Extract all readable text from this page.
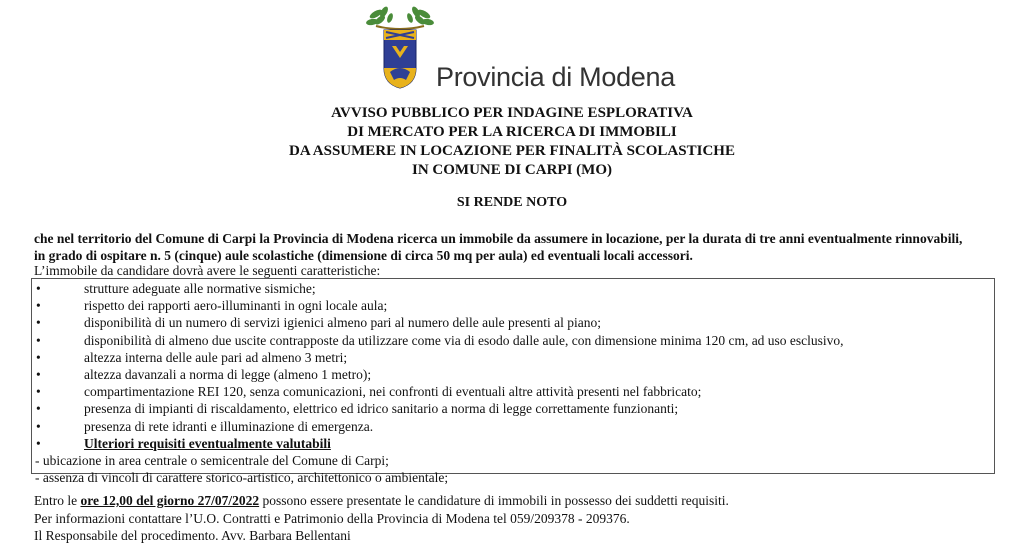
Provincia di Modena
AVVISO PUBBLICO PER INDAGINE ESPLORATIVA
DI MERCATO PER LA RICERCA DI IMMOBILI
DA ASSUMERE IN LOCAZIONE PER FINALITÀ SCOLASTICHE
IN COMUNE DI CARPI (MO)
SI RENDE NOTO
che nel territorio del Comune di Carpi la Provincia di Modena ricerca un immobile da assumere in locazione, per la durata di tre anni eventualmente rinnovabili,
in grado di ospitare n. 5 (cinque) aule scolastiche (dimensione di circa 50 mq per aula) ed eventuali locali accessori.
L’immobile da candidare dovrà avere le seguenti caratteristiche:
•	strutture adeguate alle normative sismiche;
•	rispetto dei rapporti aero-illuminanti in ogni locale aula;
•	disponibilità di un numero di servizi igienici almeno pari al numero delle aule presenti al piano;
•	disponibilità di almeno due uscite contrapposte da utilizzare come via di esodo dalle aule, con dimensione minima 120 cm, ad uso esclusivo,
•	altezza interna delle aule pari ad almeno 3 metri;
•	altezza davanzali a norma di legge (almeno 1 metro);
•	compartimentazione REI 120, senza comunicazioni, nei confronti di eventuali altre attività presenti nel fabbricato;
•	presenza di impianti di riscaldamento, elettrico ed idrico sanitario a norma di legge correttamente funzionanti;
•	presenza di rete idranti e illuminazione di emergenza.
•	Ulteriori requisiti eventualmente valutabili
- ubicazione in area centrale o semicentrale del Comune di Carpi;
- assenza di vincoli di carattere storico-artistico, architettonico o ambientale;
Entro le ore 12,00 del giorno 27/07/2022 possono essere presentate le candidature di immobili in possesso dei suddetti requisiti.
Per informazioni contattare l’U.O. Contratti e Patrimonio della Provincia di Modena tel 059/209378 - 209376.
Il Responsabile del procedimento. Avv. Barbara Bellentani
